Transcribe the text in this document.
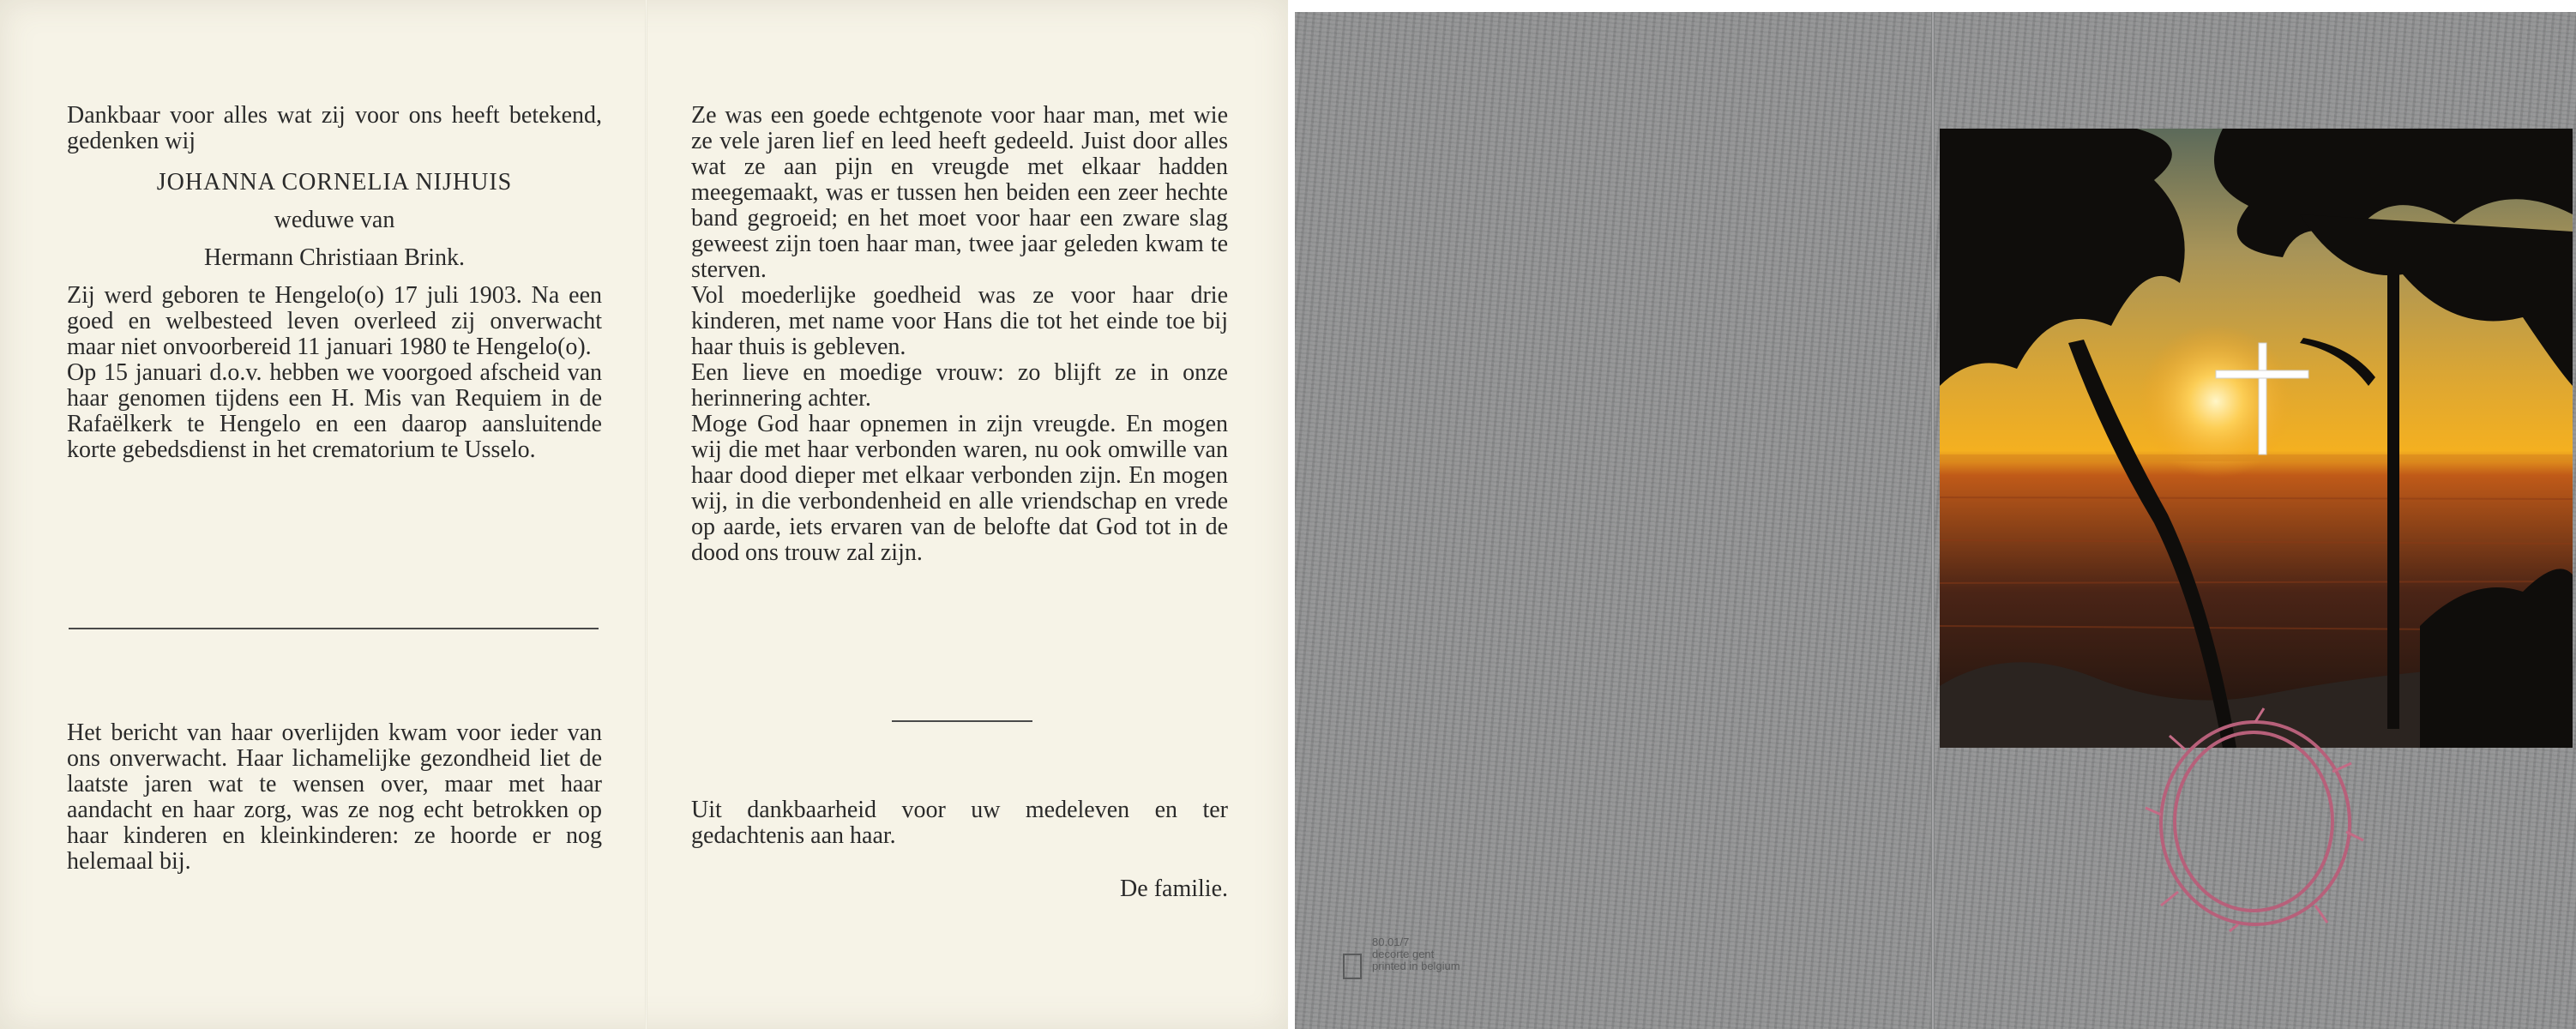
Dankbaar voor alles wat zij voor ons heeft betekend, gedenken wij

JOHANNA CORNELIA NIJHUIS

weduwe van

Hermann Christiaan Brink.

Zij werd geboren te Hengelo(o) 17 juli 1903. Na een goed en welbesteed leven overleed zij onverwacht maar niet onvoorbereid 11 januari 1980 te Hengelo(o).

Op 15 januari d.o.v. hebben we voorgoed afscheid van haar genomen tijdens een H. Mis van Requiem in de Rafaëlkerk te Hengelo en een daarop aansluitende korte gebedsdienst in het crematorium te Usselo.

Het bericht van haar overlijden kwam voor ieder van ons onverwacht. Haar lichamelijke gezondheid liet de laatste jaren wat te wensen over, maar met haar aandacht en haar zorg, was ze nog echt betrokken op haar kinderen en kleinkinderen: ze hoorde er nog helemaal bij.

Ze was een goede echtgenote voor haar man, met wie ze vele jaren lief en leed heeft gedeeld. Juist door alles wat ze aan pijn en vreugde met elkaar hadden meegemaakt, was er tussen hen beiden een zeer hechte band gegroeid; en het moet voor haar een zware slag geweest zijn toen haar man, twee jaar geleden kwam te sterven.

Vol moederlijke goedheid was ze voor haar drie kinderen, met name voor Hans die tot het einde toe bij haar thuis is gebleven.

Een lieve en moedige vrouw: zo blijft ze in onze herinnering achter.

Moge God haar opnemen in zijn vreugde. En mogen wij die met haar verbonden waren, nu ook omwille van haar dood dieper met elkaar verbonden zijn. En mogen wij, in die verbondenheid en alle vriendschap en vrede op aarde, iets ervaren van de belofte dat God tot in de dood ons trouw zal zijn.

Uit dankbaarheid voor uw medeleven en ter gedachtenis aan haar.

De familie.

80.01/7
decorte gent
printed in belgium
